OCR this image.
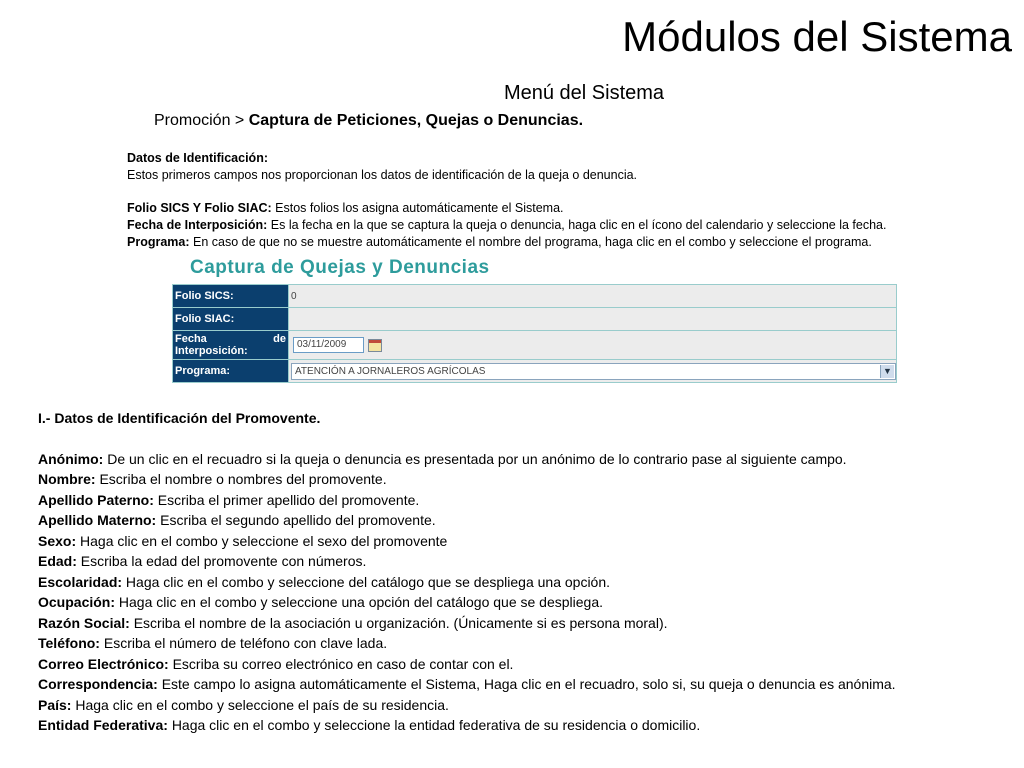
Módulos del Sistema
Menú del Sistema
Promoción > Captura de Peticiones, Quejas o Denuncias.
Datos de Identificación:
Estos primeros campos nos proporcionan los datos de identificación de la queja o denuncia.
Folio SICS Y Folio SIAC: Estos folios los asigna automáticamente el Sistema.
Fecha de Interposición: Es la fecha en la que se captura la queja o denuncia, haga clic en el ícono del calendario y seleccione la fecha.
Programa: En caso de que no se muestre automáticamente el nombre del programa, haga clic en el combo y seleccione el programa.
Captura de Quejas y Denuncias
Folio SICS:	0
Folio SIAC:	

Fecha de
Interposición:	03/11/2009
Programa:	ATENCIÓN A JORNALEROS AGRÍCOLAS ▼
I.- Datos de Identificación del Promovente.
Anónimo: De un clic en el recuadro si la queja o denuncia es presentada por un anónimo de lo contrario pase al siguiente campo.
Nombre: Escriba el nombre o nombres del promovente.
Apellido Paterno: Escriba el primer apellido del promovente.
Apellido Materno: Escriba el segundo apellido del promovente.
Sexo: Haga clic en el combo y seleccione el sexo del promovente
Edad: Escriba la edad del promovente con números.
Escolaridad: Haga clic en el combo y seleccione del catálogo que se despliega una opción.
Ocupación: Haga clic en el combo y seleccione una opción del catálogo que se despliega.
Razón Social: Escriba el nombre de la asociación u organización. (Únicamente si es persona moral).
Teléfono: Escriba el número de teléfono con clave lada.
Correo Electrónico: Escriba su correo electrónico en caso de contar con el.
Correspondencia: Este campo lo asigna automáticamente el Sistema, Haga clic en el recuadro, solo si, su queja o denuncia es anónima.
País: Haga clic en el combo y seleccione el país de su residencia.
Entidad Federativa: Haga clic en el combo y seleccione la entidad federativa de su residencia o domicilio.
